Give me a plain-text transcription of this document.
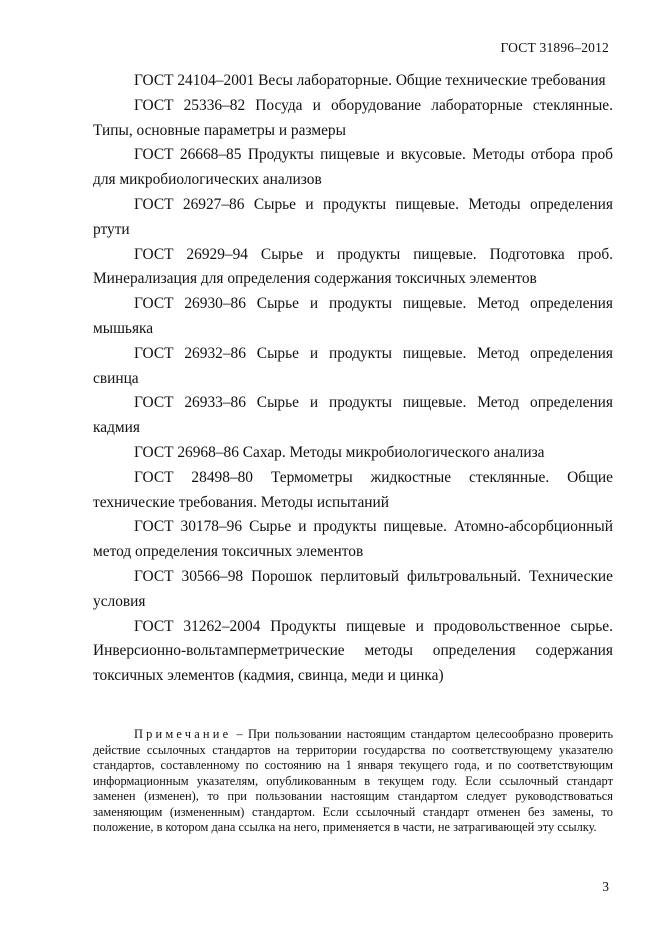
ГОСТ 31896–2012

ГОСТ 24104–2001 Весы лабораторные. Общие технические требования

ГОСТ 25336–82 Посуда и оборудование лабораторные стеклянные. Типы, основные параметры и размеры

ГОСТ 26668–85 Продукты пищевые и вкусовые. Методы отбора проб для микробиологических анализов

ГОСТ 26927–86 Сырье и продукты пищевые. Методы определения ртути

ГОСТ 26929–94 Сырье и продукты пищевые. Подготовка проб. Минерализация для определения содержания токсичных элементов

ГОСТ 26930–86 Сырье и продукты пищевые. Метод определения мышьяка

ГОСТ 26932–86 Сырье и продукты пищевые. Метод определения свинца

ГОСТ 26933–86 Сырье и продукты пищевые. Метод определения кадмия

ГОСТ 26968–86 Сахар. Методы микробиологического анализа

ГОСТ 28498–80 Термометры жидкостные стеклянные. Общие технические требования. Методы испытаний

ГОСТ 30178–96 Сырье и продукты пищевые. Атомно-абсорбционный метод определения токсичных элементов

ГОСТ 30566–98 Порошок перлитовый фильтровальный. Технические условия

ГОСТ 31262–2004 Продукты пищевые и продовольственное сырье. Инверсионно-вольтамперметрические методы определения содержания токсичных элементов (кадмия, свинца, меди и цинка)

Примечание – При пользовании настоящим стандартом целесообразно проверить действие ссылочных стандартов на территории государства по соответствующему указателю стандартов, составленному по состоянию на 1 января текущего года, и по соответствующим информационным указателям, опубликованным в текущем году. Если ссылочный стандарт заменен (изменен), то при пользовании настоящим стандартом следует руководствоваться заменяющим (измененным) стандартом. Если ссылочный стандарт отменен без замены, то положение, в котором дана ссылка на него, применяется в части, не затрагивающей эту ссылку.

3
